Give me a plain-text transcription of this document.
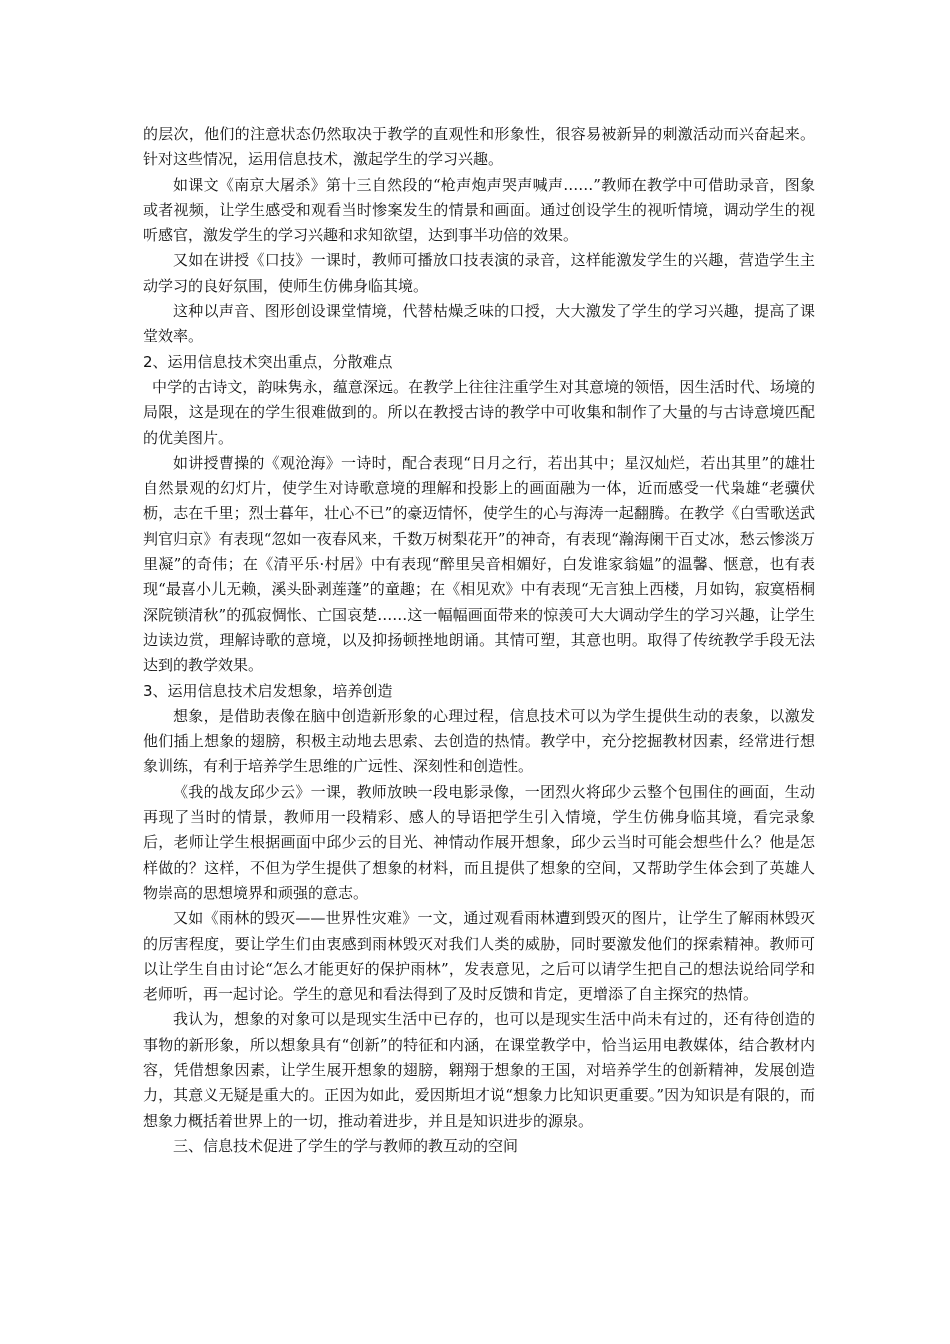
的层次，他们的注意状态仍然取决于教学的直观性和形象性，很容易被新异的刺激活动而兴奋起来。针对这些情况，运用信息技术，激起学生的学习兴趣。

如课文《南京大屠杀》第十三自然段的“枪声炮声哭声喊声……”教师在教学中可借助录音，图象或者视频，让学生感受和观看当时惨案发生的情景和画面。通过创设学生的视听情境，调动学生的视听感官，激发学生的学习兴趣和求知欲望，达到事半功倍的效果。

又如在讲授《口技》一课时，教师可播放口技表演的录音，这样能激发学生的兴趣，营造学生主动学习的良好氛围，使师生仿佛身临其境。

这种以声音、图形创设课堂情境，代替枯燥乏味的口授，大大激发了学生的学习兴趣，提高了课堂效率。

2、运用信息技术突出重点，分散难点

中学的古诗文，韵味隽永，蕴意深远。在教学上往往注重学生对其意境的领悟，因生活时代、场境的局限，这是现在的学生很难做到的。所以在教授古诗的教学中可收集和制作了大量的与古诗意境匹配的优美图片。

如讲授曹操的《观沧海》一诗时，配合表现“日月之行，若出其中；星汉灿烂，若出其里”的雄壮自然景观的幻灯片，使学生对诗歌意境的理解和投影上的画面融为一体，近而感受一代枭雄“老骥伏枥，志在千里；烈士暮年，壮心不已”的豪迈情怀，使学生的心与海涛一起翻腾。在教学《白雪歌送武判官归京》有表现“忽如一夜春风来，千数万树梨花开”的神奇，有表现“瀚海阑干百丈冰，愁云惨淡万里凝”的奇伟；在《清平乐·村居》中有表现“醉里吴音相媚好，白发谁家翁媪”的温馨、惬意，也有表现“最喜小儿无赖，溪头卧剥莲蓬”的童趣；在《相见欢》中有表现“无言独上西楼，月如钩，寂寞梧桐深院锁清秋”的孤寂惆怅、亡国哀楚……这一幅幅画面带来的惊羡可大大调动学生的学习兴趣，让学生边读边赏，理解诗歌的意境，以及抑扬顿挫地朗诵。其情可塑，其意也明。取得了传统教学手段无法达到的教学效果。

3、运用信息技术启发想象，培养创造

想象，是借助表像在脑中创造新形象的心理过程，信息技术可以为学生提供生动的表象，以激发他们插上想象的翅膀，积极主动地去思索、去创造的热情。教学中，充分挖掘教材因素，经常进行想象训练，有利于培养学生思维的广远性、深刻性和创造性。

《我的战友邱少云》一课，教师放映一段电影录像，一团烈火将邱少云整个包围住的画面，生动再现了当时的情景，教师用一段精彩、感人的导语把学生引入情境，学生仿佛身临其境，看完录象后，老师让学生根据画面中邱少云的目光、神情动作展开想象，邱少云当时可能会想些什么？他是怎样做的？这样，不但为学生提供了想象的材料，而且提供了想象的空间，又帮助学生体会到了英雄人物崇高的思想境界和顽强的意志。

又如《雨林的毁灭——世界性灾难》一文，通过观看雨林遭到毁灭的图片，让学生了解雨林毁灭的厉害程度，要让学生们由衷感到雨林毁灭对我们人类的威胁，同时要激发他们的探索精神。教师可以让学生自由讨论“怎么才能更好的保护雨林”，发表意见，之后可以请学生把自己的想法说给同学和老师听，再一起讨论。学生的意见和看法得到了及时反馈和肯定，更增添了自主探究的热情。

我认为，想象的对象可以是现实生活中已存的，也可以是现实生活中尚未有过的，还有待创造的事物的新形象，所以想象具有“创新”的特征和内涵，在课堂教学中，恰当运用电教媒体，结合教材内容，凭借想象因素，让学生展开想象的翅膀，翱翔于想象的王国，对培养学生的创新精神，发展创造力，其意义无疑是重大的。正因为如此，爱因斯坦才说“想象力比知识更重要。”因为知识是有限的，而想象力概括着世界上的一切，推动着进步，并且是知识进步的源泉。

三、信息技术促进了学生的学与教师的教互动的空间
